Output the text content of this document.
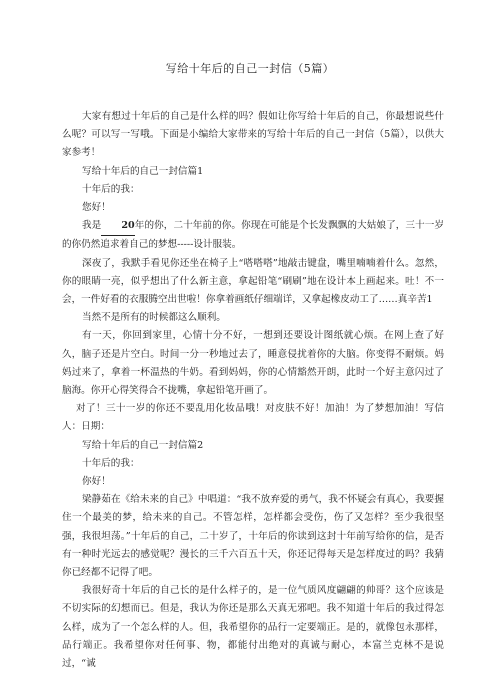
写给十年后的自己一封信（5篇）

大家有想过十年后的自己是什么样的吗？假如让你写给十年后的自己，你最想说些什么呢？可以写一写哦。下面是小编给大家带来的写给十年后的自己一封信（5篇），以供大家参考！

写给十年后的自己一封信篇1

十年后的我：

您好！

我是 20年的你，二十年前的你。你现在可能是个长发飘飘的大姑娘了，三十一岁的你仍然追求着自己的梦想-----设计服装。

深夜了，我默手看见你还坐在椅子上“嗒嗒嗒”地敲击键盘，嘴里喃喃着什么。忽然，你的眼睛一亮，似乎想出了什么新主意，拿起铅笔“刷刷”地在设计本上画起来。吐！不一会，一件好看的衣服腾空出世啦！你拿着画纸仔细端详，又拿起橡皮动工了……真辛苦1

当然不是所有的时候都这么顺利。

有一天，你回到家里，心情十分不好，一想到还要设计图纸就心烦。在网上查了好久，脑子还是片空白。时间一分一秒地过去了，睡意侵扰着你的大脑。你变得不耐烦。妈妈过来了，拿着一杯温热的牛奶。看到妈妈，你的心情豁然开朗，此时一个好主意闪过了脑海。你开心得笑得合不拢嘴，拿起铅笔开画了。

对了！三十一岁的你还不要乱用化妆品哦！对皮肤不好！加油！为了梦想加油！写信人：日期：

写给十年后的自己一封信篇2

十年后的我：

你好！

梁静茹在《给未来的自己》中唱道：“我不放弃爱的勇气，我不怀疑会有真心，我要握住一个最美的梦，给未来的自己。不管怎样，怎样都会受伤，伤了又怎样？至少我很坚强，我很坦荡。”十年后的自己，二十岁了，十年后的你读到这封十年前写给你的信，是否有一种时光远去的感觉呢？漫长的三千六百五十天，你还记得每天是怎样度过的吗？我猜你已经都不记得了吧。

我很好奇十年后的自己长的是什么样子的，是一位气质风度翩翩的帅哥？这个应该是不切实际的幻想而已。但是，我认为你还是那么天真无邪吧。我不知道十年后的我过得怎么样，成为了一个怎么样的人。但，我希望你的品行一定要端正。是的，就像包永那样，品行端正。我希望你对任何事、物，都能付出绝对的真诚与耐心，本富兰克林不是说过，“诚
